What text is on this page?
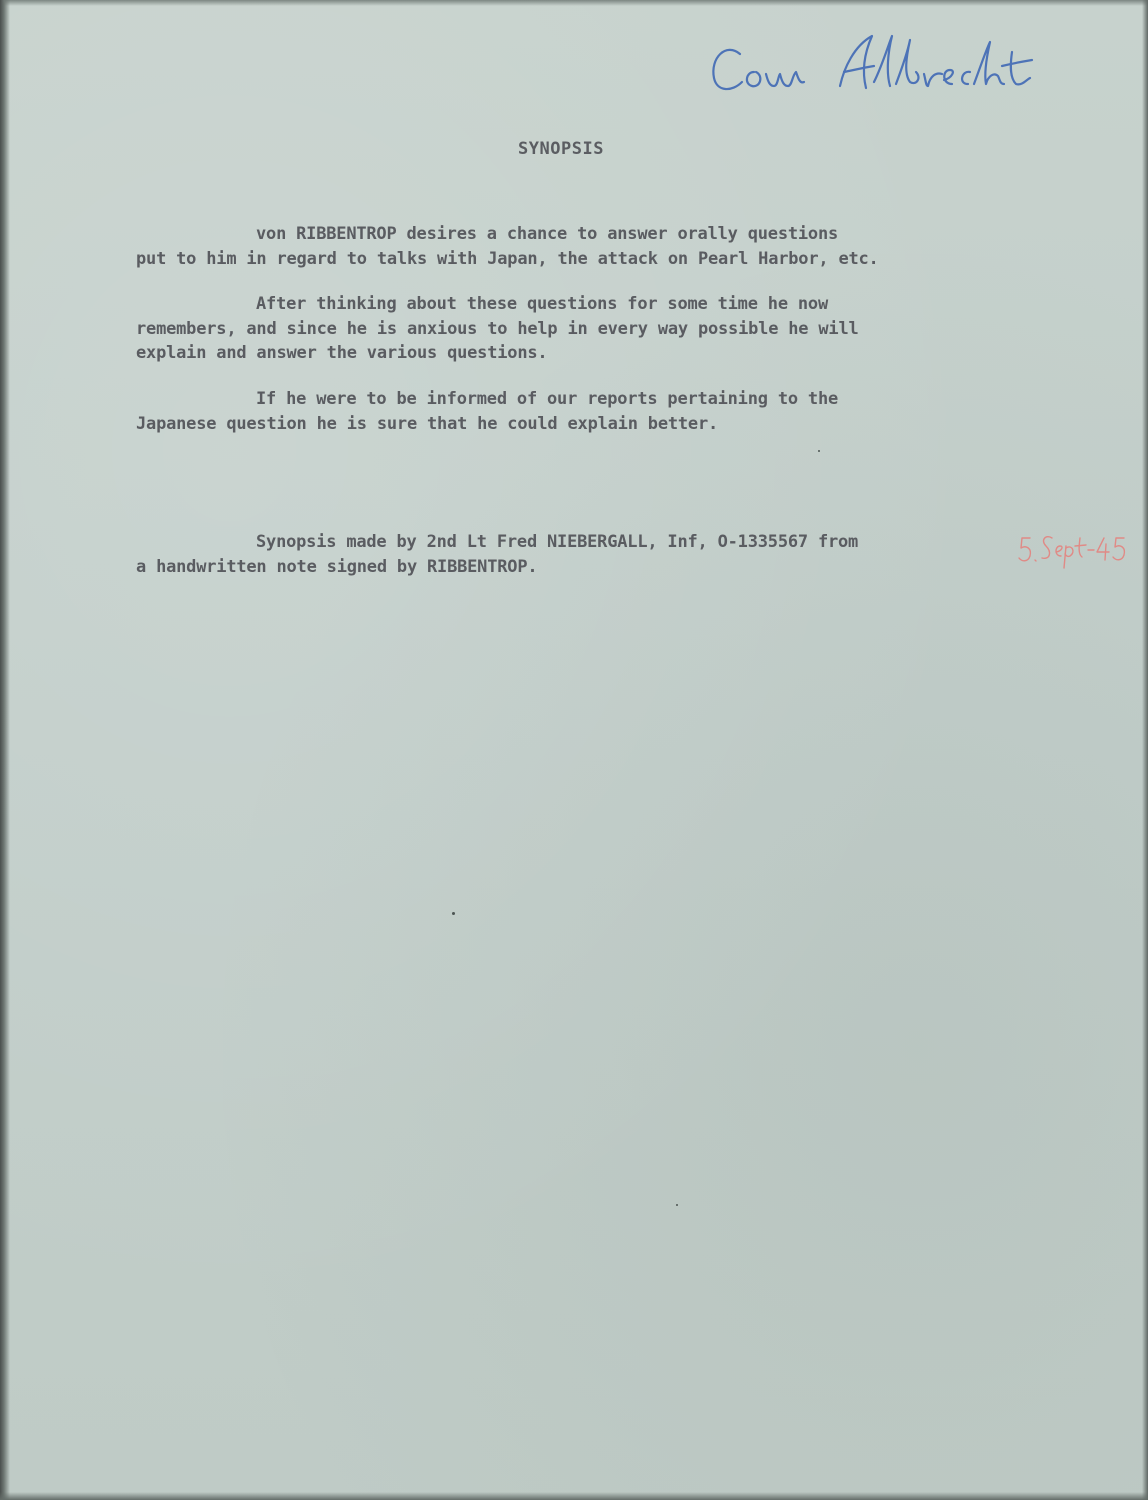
SYNOPSIS
von RIBBENTROP desires a chance to answer orally questions
put to him in regard to talks with Japan, the attack on Pearl Harbor, etc.
After thinking about these questions for some time he now
remembers, and since he is anxious to help in every way possible he will
explain and answer the various questions.
If he were to be informed of our reports pertaining to the
Japanese question he is sure that he could explain better.
Synopsis made by 2nd Lt Fred NIEBERGALL, Inf, O-1335567 from
a handwritten note signed by RIBBENTROP.
